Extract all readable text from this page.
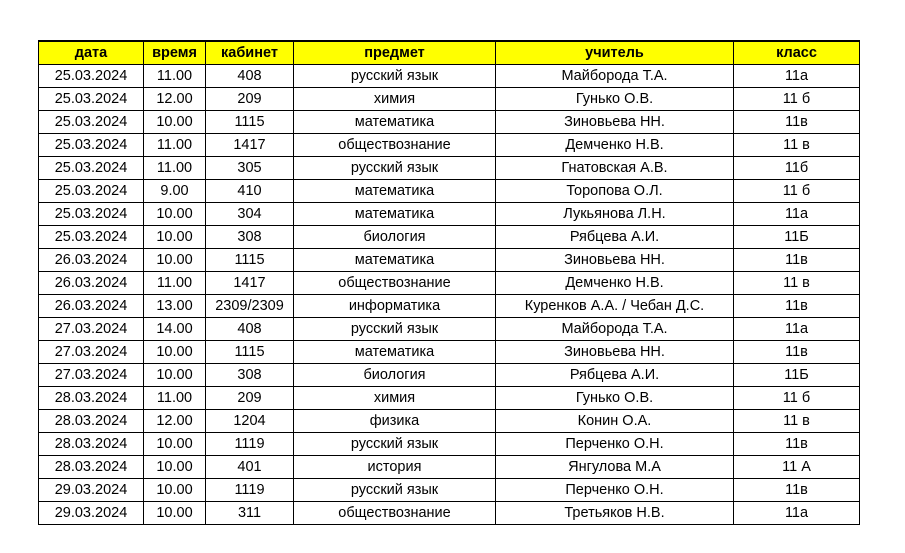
дата	время	кабинет	предмет	учитель	класс
25.03.2024	11.00	408	русский язык	Майборода Т.А.	11а
25.03.2024	12.00	209	химия	Гунько О.В.	11 б
25.03.2024	10.00	1115	математика	Зиновьева НН.	11в
25.03.2024	11.00	1417	обществознание	Демченко Н.В.	11 в
25.03.2024	11.00	305	русский язык	Гнатовская А.В.	11б
25.03.2024	9.00	410	математика	Торопова О.Л.	11 б
25.03.2024	10.00	304	математика	Лукьянова Л.Н.	11а
25.03.2024	10.00	308	биология	Рябцева А.И.	11Б
26.03.2024	10.00	1115	математика	Зиновьева НН.	11в
26.03.2024	11.00	1417	обществознание	Демченко Н.В.	11 в
26.03.2024	13.00	2309/2309	информатика	Куренков А.А. / Чебан Д.С.	11в
27.03.2024	14.00	408	русский язык	Майборода Т.А.	11а
27.03.2024	10.00	1115	математика	Зиновьева НН.	11в
27.03.2024	10.00	308	биология	Рябцева А.И.	11Б
28.03.2024	11.00	209	химия	Гунько О.В.	11 б
28.03.2024	12.00	1204	физика	Конин О.А.	11 в
28.03.2024	10.00	1119	русский язык	Перченко О.Н.	11в
28.03.2024	10.00	401	история	Янгулова М.А	11 А
29.03.2024	10.00	1119	русский язык	Перченко О.Н.	11в
29.03.2024	10.00	311	обществознание	Третьяков Н.В.	11а
